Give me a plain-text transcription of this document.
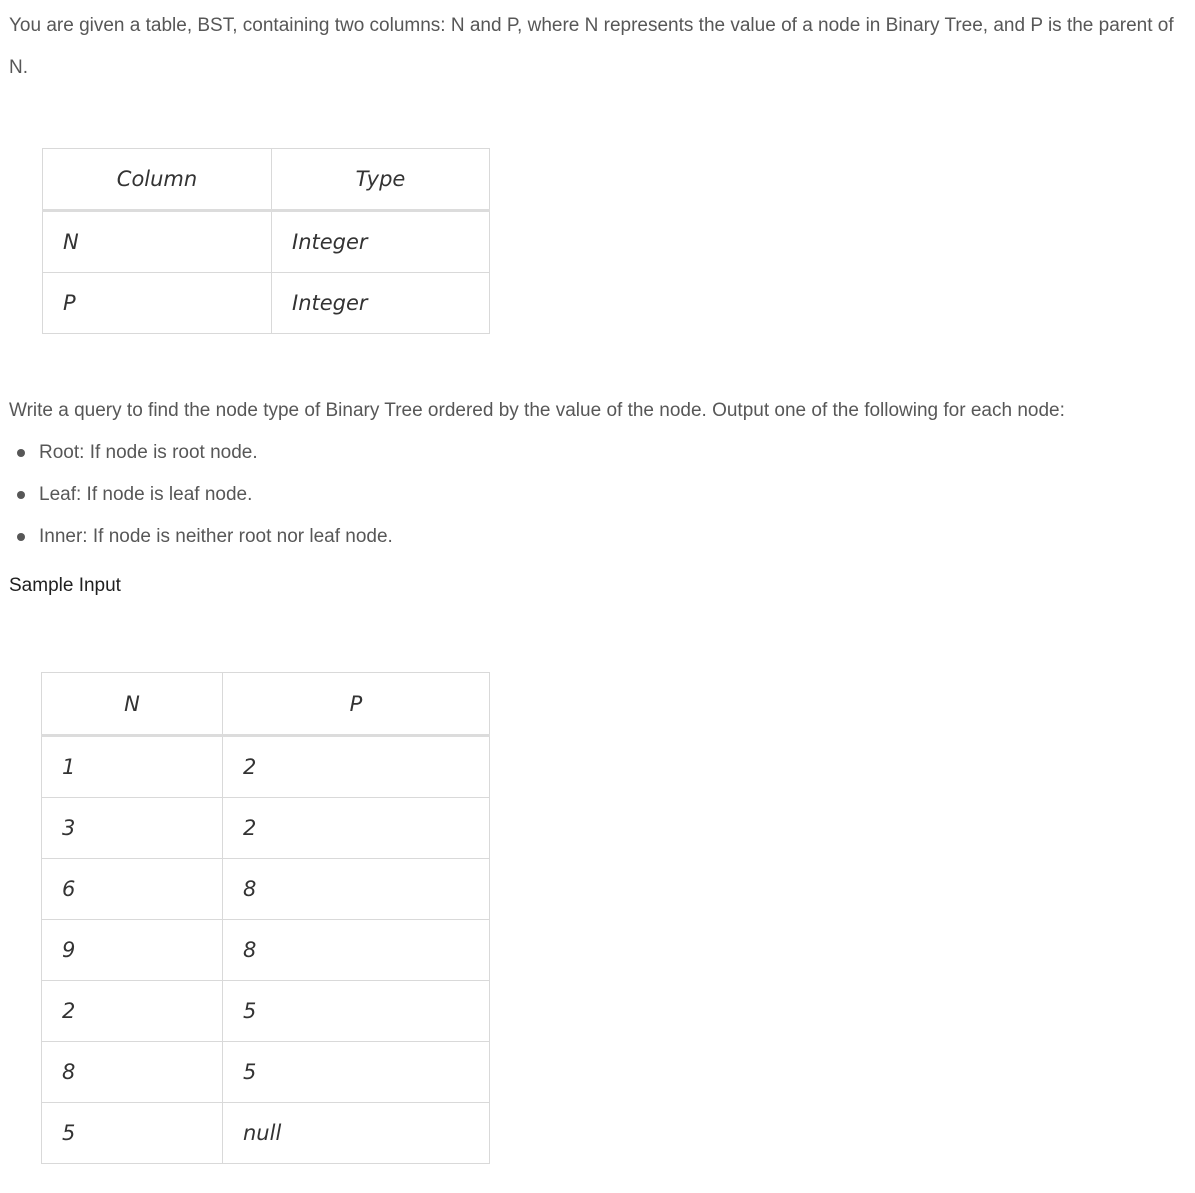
You are given a table, BST, containing two columns: N and P, where N represents the value of a node in Binary Tree, and P is the parent of N.

Column	Type
N	Integer
P	Integer

Write a query to find the node type of Binary Tree ordered by the value of the node. Output one of the following for each node:

Root: If node is root node.
Leaf: If node is leaf node.
Inner: If node is neither root nor leaf node.
Sample Input
N	P
1	2
3	2
6	8
9	8
2	5
8	5
5	null
